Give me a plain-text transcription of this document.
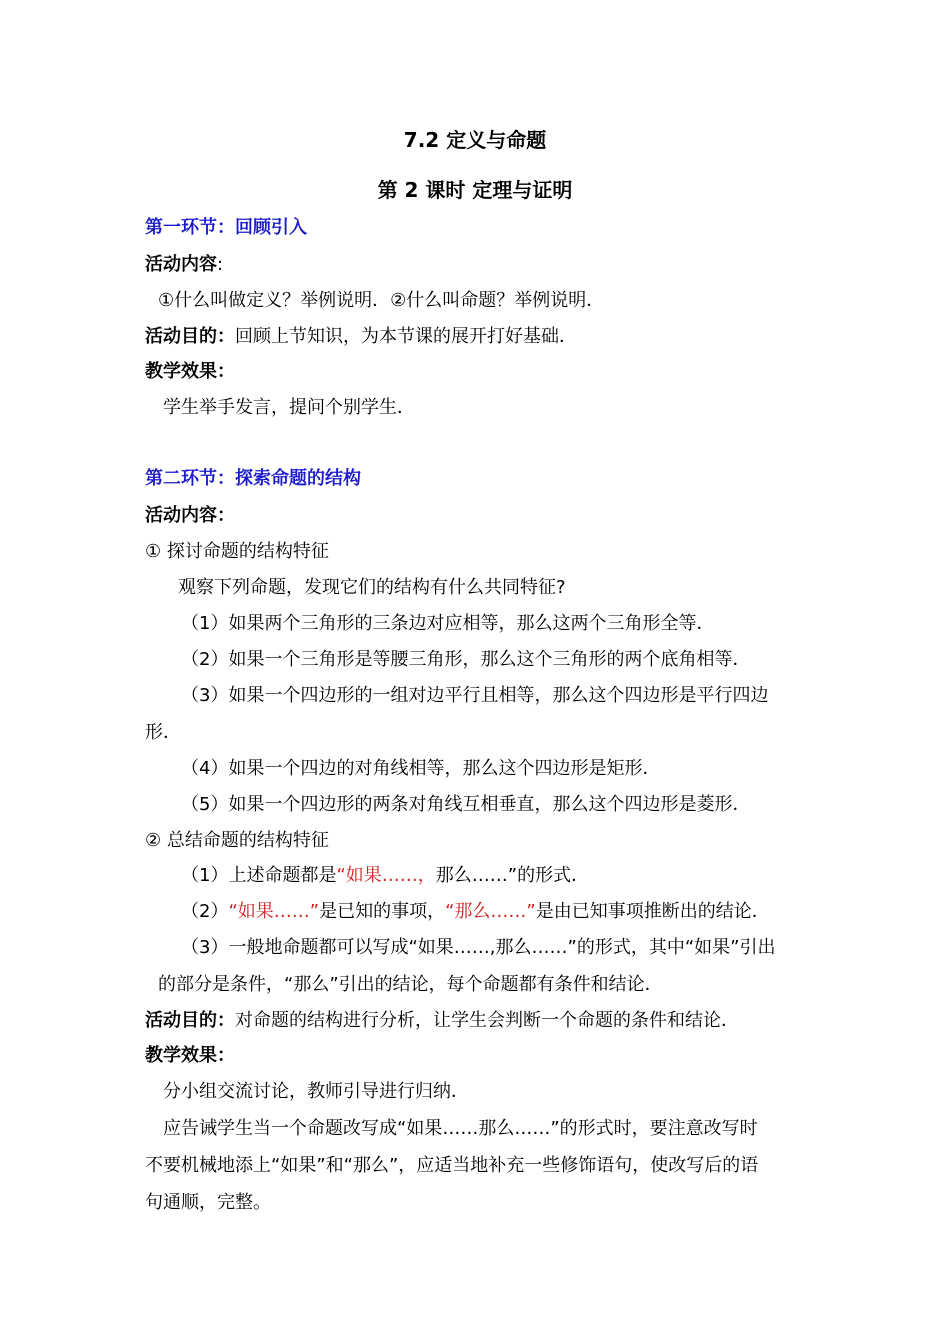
7.2 定义与命题
第 2 课时 定理与证明
第一环节：回顾引入
活动内容:
①什么叫做定义？举例说明．②什么叫命题？举例说明．
活动目的：回顾上节知识，为本节课的展开打好基础．
教学效果：
学生举手发言，提问个别学生．
第二环节：探索命题的结构
活动内容：
① 探讨命题的结构特征
观察下列命题，发现它们的结构有什么共同特征?
（1）如果两个三角形的三条边对应相等，那么这两个三角形全等．
（2）如果一个三角形是等腰三角形，那么这个三角形的两个底角相等．
（3）如果一个四边形的一组对边平行且相等，那么这个四边形是平行四边
形．
（4）如果一个四边的对角线相等，那么这个四边形是矩形．
（5）如果一个四边形的两条对角线互相垂直，那么这个四边形是菱形．
② 总结命题的结构特征
（1）上述命题都是“如果……，那么……”的形式．
（2）“如果……”是已知的事项，“那么……”是由已知事项推断出的结论．
（3）一般地命题都可以写成“如果……,那么……”的形式，其中“如果”引出
的部分是条件，“那么”引出的结论，每个命题都有条件和结论．
活动目的：对命题的结构进行分析，让学生会判断一个命题的条件和结论．
教学效果：
分小组交流讨论，教师引导进行归纳．
应告诫学生当一个命题改写成“如果……那么……”的形式时，要注意改写时
不要机械地添上“如果”和“那么”，应适当地补充一些修饰语句，使改写后的语
句通顺，完整。
